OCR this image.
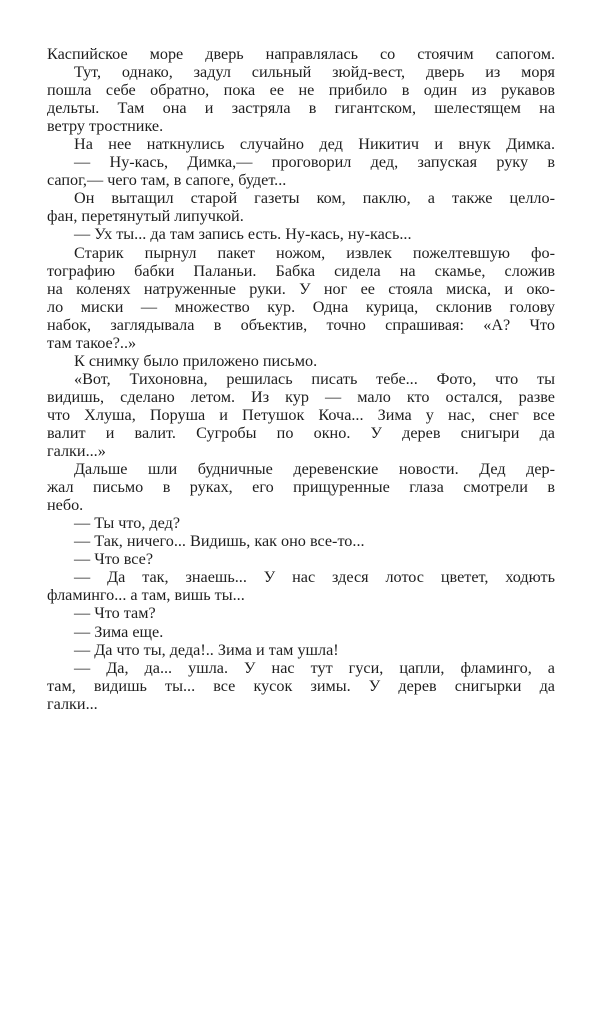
Каспийское море дверь направлялась со стоячим сапогом.
Тут, однако, задул сильный зюйд-вест, дверь из моря
пошла себе обратно, пока ее не прибило в один из рукавов
дельты. Там она и застряла в гигантском, шелестящем на
ветру тростнике.
На нее наткнулись случайно дед Никитич и внук Димка.
— Ну-кась, Димка,— проговорил дед, запуская руку в
сапог,— чего там, в сапоге, будет...
Он вытащил старой газеты ком, паклю, а также целло-
фан, перетянутый липучкой.
— Ух ты... да там запись есть. Ну-кась, ну-кась...
Старик пырнул пакет ножом, извлек пожелтевшую фо-
тографию бабки Паланьи. Бабка сидела на скамье, сложив
на коленях натруженные руки. У ног ее стояла миска, и око-
ло миски — множество кур. Одна курица, склонив голову
набок, заглядывала в объектив, точно спрашивая: «А? Что
там такое?..»
К снимку было приложено письмо.
«Вот, Тихоновна, решилась писать тебе... Фото, что ты
видишь, сделано летом. Из кур — мало кто остался, разве
что Хлуша, Поруша и Петушок Коча... Зима у нас, снег все
валит и валит. Сугробы по окно. У дерев снигыри да
галки...»
Дальше шли будничные деревенские новости. Дед дер-
жал письмо в руках, его прищуренные глаза смотрели в
небо.
— Ты что, дед?
— Так, ничего... Видишь, как оно все-то...
— Что все?
— Да так, знаешь... У нас здеся лотос цветет, ходють
фламинго... а там, вишь ты...
— Что там?
— Зима еще.
— Да что ты, деда!.. Зима и там ушла!
— Да, да... ушла. У нас тут гуси, цапли, фламинго, а
там, видишь ты... все кусок зимы. У дерев снигырки да
галки...
